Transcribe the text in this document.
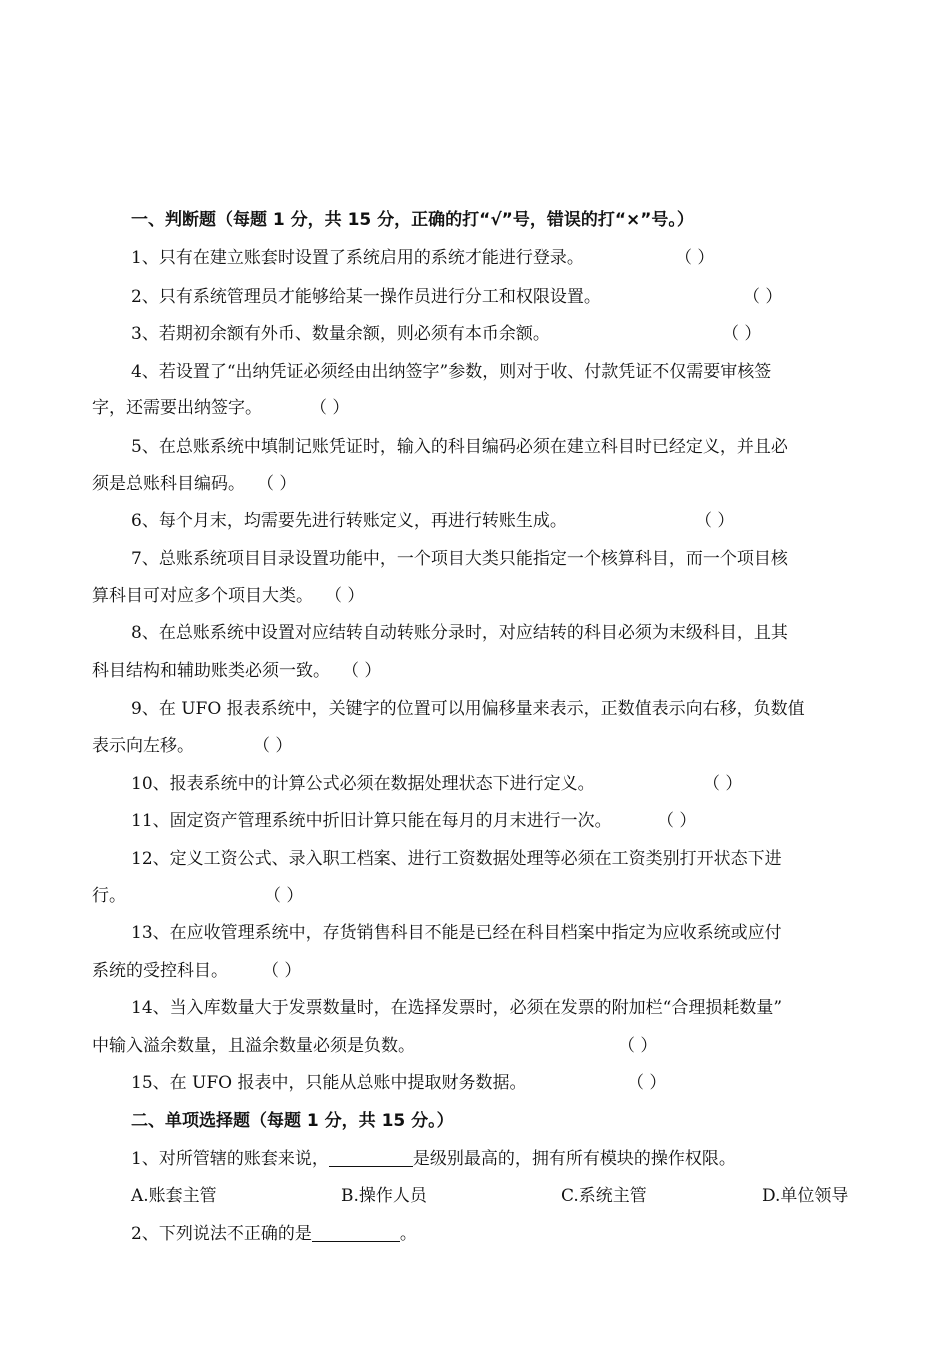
一、判断题（每题 1 分，共 15 分，正确的打“√”号，错误的打“×”号。）
1、只有在建立账套时设置了系统启用的系统才能进行登录。	（ ）
2、只有系统管理员才能够给某一操作员进行分工和权限设置。	（ ）
3、若期初余额有外币、数量余额，则必须有本币余额。	（ ）
4、若设置了“出纳凭证必须经由出纳签字”参数，则对于收、付款凭证不仅需要审核签
字，还需要出纳签字。	（ ）
5、在总账系统中填制记账凭证时，输入的科目编码必须在建立科目时已经定义，并且必
须是总账科目编码。 （ ）
6、每个月末，均需要先进行转账定义，再进行转账生成。	（ ）
7、总账系统项目目录设置功能中，一个项目大类只能指定一个核算科目，而一个项目核
算科目可对应多个项目大类。 （ ）
8、在总账系统中设置对应结转自动转账分录时，对应结转的科目必须为末级科目，且其
科目结构和辅助账类必须一致。 （ ）
9、在 UFO 报表系统中，关键字的位置可以用偏移量来表示，正数值表示向右移，负数值
表示向左移。	（ ）
10、报表系统中的计算公式必须在数据处理状态下进行定义。	（ ）
11、固定资产管理系统中折旧计算只能在每月的月末进行一次。	（ ）
12、定义工资公式、录入职工档案、进行工资数据处理等必须在工资类别打开状态下进
行。	（ ）
13、在应收管理系统中，存货销售科目不能是已经在科目档案中指定为应收系统或应付
系统的受控科目。 （ ）
14、当入库数量大于发票数量时，在选择发票时，必须在发票的附加栏“合理损耗数量”
中输入溢余数量，且溢余数量必须是负数。	（ ）
15、在 UFO 报表中，只能从总账中提取财务数据。	（ ）
二、单项选择题（每题 1 分，共 15 分。）
1、对所管辖的账套来说，	是级别最高的，拥有所有模块的操作权限。
A.账套主管	B.操作人员	C.系统主管	D.单位领导
2、下列说法不正确的是	。
